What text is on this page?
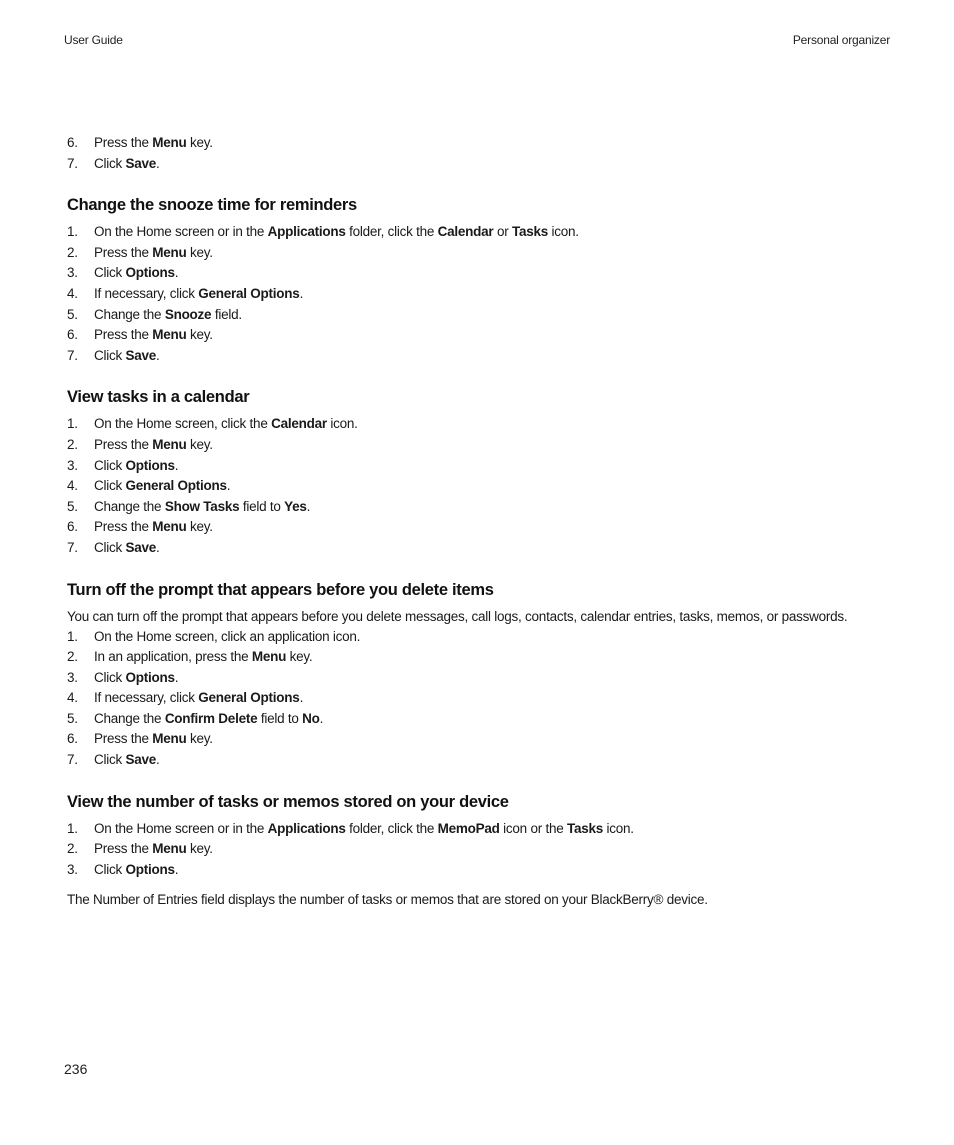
User Guide	Personal organizer
6. Press the Menu key.
7. Click Save.
Change the snooze time for reminders
1. On the Home screen or in the Applications folder, click the Calendar or Tasks icon.
2. Press the Menu key.
3. Click Options.
4. If necessary, click General Options.
5. Change the Snooze field.
6. Press the Menu key.
7. Click Save.
View tasks in a calendar
1. On the Home screen, click the Calendar icon.
2. Press the Menu key.
3. Click Options.
4. Click General Options.
5. Change the Show Tasks field to Yes.
6. Press the Menu key.
7. Click Save.
Turn off the prompt that appears before you delete items

You can turn off the prompt that appears before you delete messages, call logs, contacts, calendar entries, tasks, memos, or passwords.

1. On the Home screen, click an application icon.
2. In an application, press the Menu key.
3. Click Options.
4. If necessary, click General Options.
5. Change the Confirm Delete field to No.
6. Press the Menu key.
7. Click Save.
View the number of tasks or memos stored on your device
1. On the Home screen or in the Applications folder, click the MemoPad icon or the Tasks icon.
2. Press the Menu key.
3. Click Options.

The Number of Entries field displays the number of tasks or memos that are stored on your BlackBerry® device.

236
